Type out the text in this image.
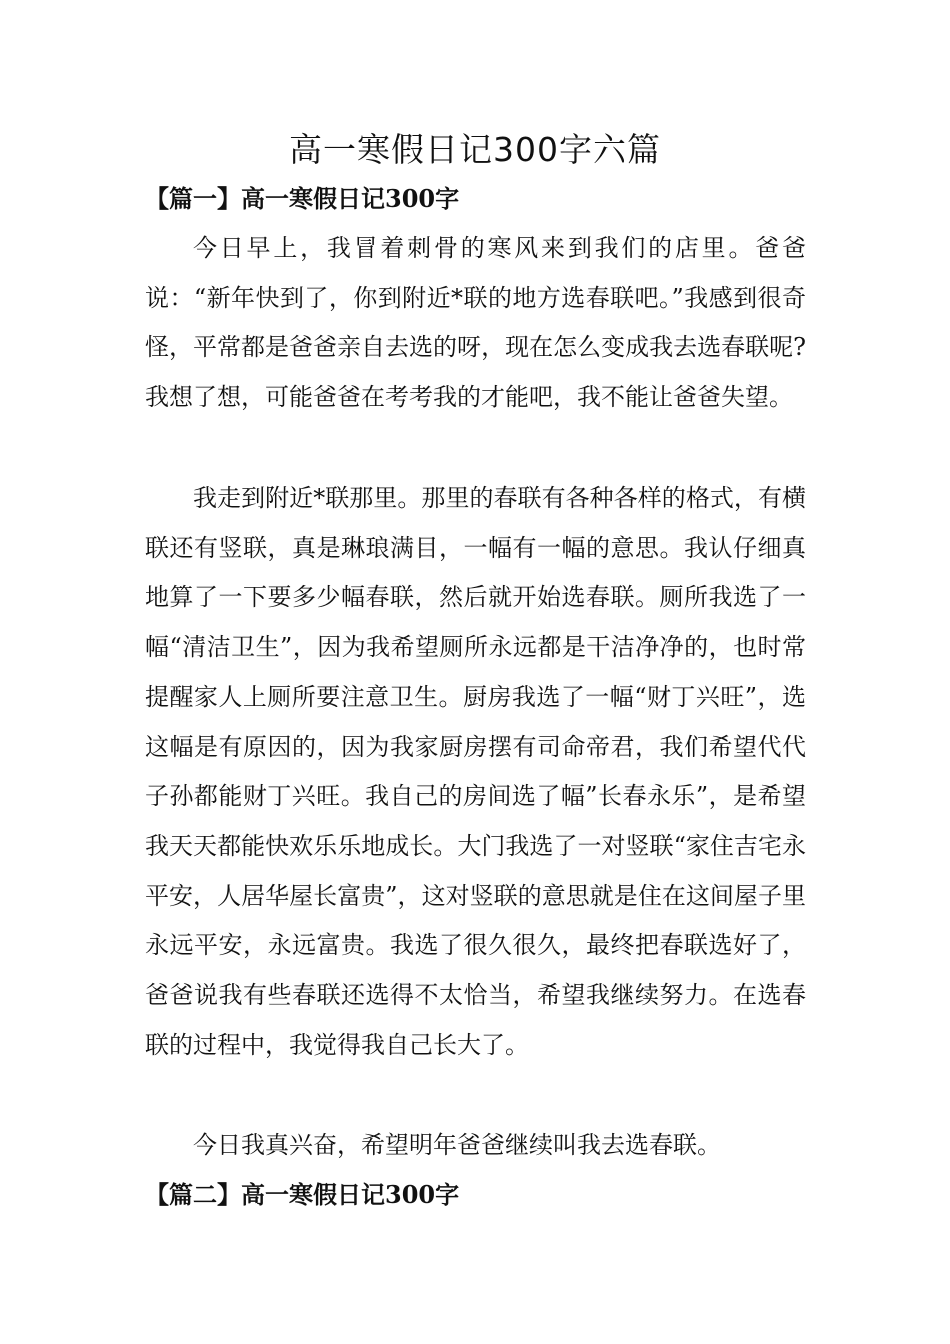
高一寒假日记300字六篇
【篇一】高一寒假日记300字

今日早上，我冒着刺骨的寒风来到我们的店里。爸爸说：“新年快到了，你到附近*联的地方选春联吧。”我感到很奇怪，平常都是爸爸亲自去选的呀，现在怎么变成我去选春联呢?我想了想，可能爸爸在考考我的才能吧，我不能让爸爸失望。

我走到附近*联那里。那里的春联有各种各样的格式，有横联还有竖联，真是琳琅满目，一幅有一幅的意思。我认仔细真地算了一下要多少幅春联，然后就开始选春联。厕所我选了一幅“清洁卫生”，因为我希望厕所永远都是干洁净净的，也时常提醒家人上厕所要注意卫生。厨房我选了一幅“财丁兴旺”，选这幅是有原因的，因为我家厨房摆有司命帝君，我们希望代代子孙都能财丁兴旺。我自己的房间选了幅”长春永乐”，是希望我天天都能快欢乐乐地成长。大门我选了一对竖联“家住吉宅永平安，人居华屋长富贵”，这对竖联的意思就是住在这间屋子里永远平安，永远富贵。我选了很久很久，最终把春联选好了，爸爸说我有些春联还选得不太恰当，希望我继续努力。在选春联的过程中，我觉得我自己长大了。

今日我真兴奋，希望明年爸爸继续叫我去选春联。

【篇二】高一寒假日记300字
